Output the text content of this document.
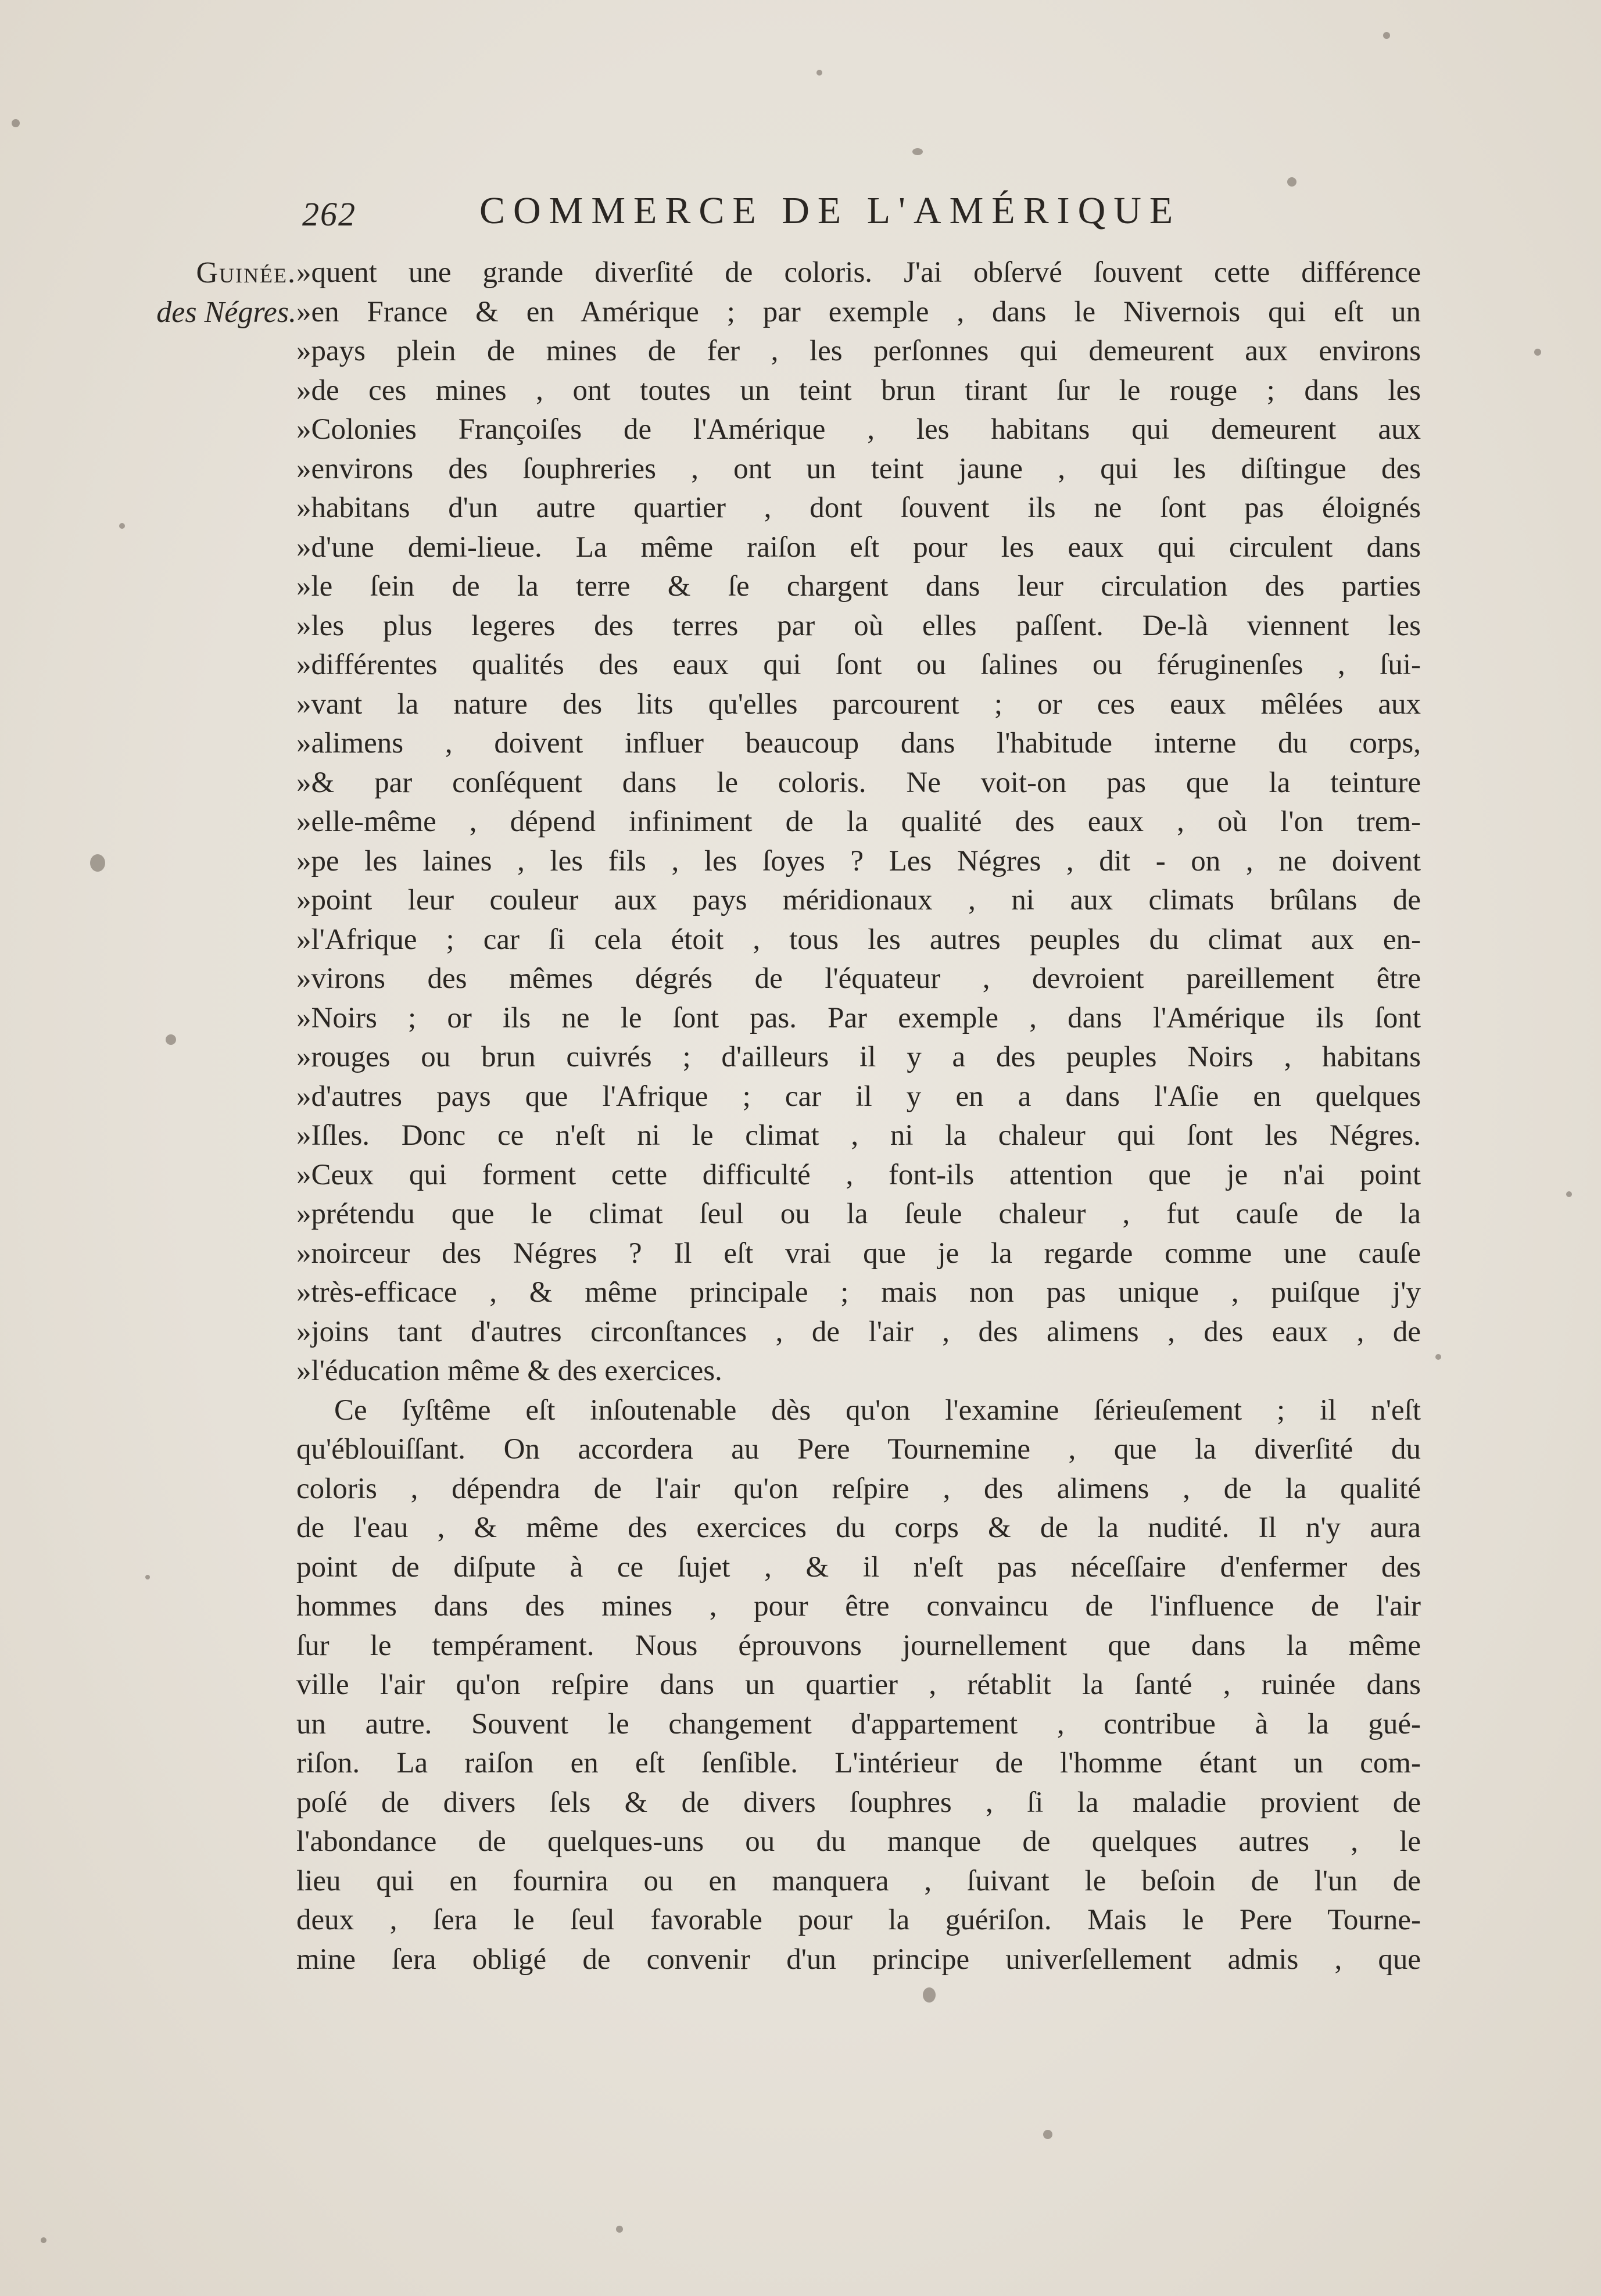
262	COMMERCE DE L'AMÉRIQUE
Guinée.
des Négres.
»quent une grande diverſité de coloris. J'ai obſervé ſouvent cette différence
»en France & en Amérique ; par exemple , dans le Nivernois qui eſt un
»pays plein de mines de fer , les perſonnes qui demeurent aux environs
»de ces mines , ont toutes un teint brun tirant ſur le rouge ; dans les
»Colonies Françoiſes de l'Amérique , les habitans qui demeurent aux
»environs des ſouphreries , ont un teint jaune , qui les diſtingue des
»habitans d'un autre quartier , dont ſouvent ils ne ſont pas éloignés
»d'une demi-lieue. La même raiſon eſt pour les eaux qui circulent dans
»le ſein de la terre & ſe chargent dans leur circulation des parties
»les plus legeres des terres par où elles paſſent. De-là viennent les
»différentes qualités des eaux qui ſont ou ſalines ou féruginenſes , ſui-
»vant la nature des lits qu'elles parcourent ; or ces eaux mêlées aux
»alimens , doivent influer beaucoup dans l'habitude interne du corps,
»& par conſéquent dans le coloris. Ne voit-on pas que la teinture
»elle-même , dépend infiniment de la qualité des eaux , où l'on trem-
»pe les laines , les fils , les ſoyes ? Les Négres , dit - on , ne doivent
»point leur couleur aux pays méridionaux , ni aux climats brûlans de
»l'Afrique ; car ſi cela étoit , tous les autres peuples du climat aux en-
»virons des mêmes dégrés de l'équateur , devroient pareillement être
»Noirs ; or ils ne le ſont pas. Par exemple , dans l'Amérique ils ſont
»rouges ou brun cuivrés ; d'ailleurs il y a des peuples Noirs , habitans
»d'autres pays que l'Afrique ; car il y en a dans l'Aſie en quelques
»Iſles. Donc ce n'eſt ni le climat , ni la chaleur qui ſont les Négres.
»Ceux qui forment cette difficulté , font-ils attention que je n'ai point
»prétendu que le climat ſeul ou la ſeule chaleur , fut cauſe de la
»noirceur des Négres ? Il eſt vrai que je la regarde comme une cauſe
»très-efficace , & même principale ; mais non pas unique , puiſque j'y
»joins tant d'autres circonſtances , de l'air , des alimens , des eaux , de
»l'éducation même & des exercices.
Ce ſyſtême eſt inſoutenable dès qu'on l'examine ſérieuſement ; il n'eſt
qu'éblouiſſant. On accordera au Pere Tournemine , que la diverſité du
coloris , dépendra de l'air qu'on reſpire , des alimens , de la qualité
de l'eau , & même des exercices du corps & de la nudité. Il n'y aura
point de diſpute à ce ſujet , & il n'eſt pas néceſſaire d'enfermer des
hommes dans des mines , pour être convaincu de l'influence de l'air
ſur le tempérament. Nous éprouvons journellement que dans la même
ville l'air qu'on reſpire dans un quartier , rétablit la ſanté , ruinée dans
un autre. Souvent le changement d'appartement , contribue à la gué-
riſon. La raiſon en eſt ſenſible. L'intérieur de l'homme étant un com-
poſé de divers ſels & de divers ſouphres , ſi la maladie provient de
l'abondance de quelques-uns ou du manque de quelques autres , le
lieu qui en fournira ou en manquera , ſuivant le beſoin de l'un de
deux , ſera le ſeul favorable pour la guériſon. Mais le Pere Tourne-
mine ſera obligé de convenir d'un principe univerſellement admis , que
